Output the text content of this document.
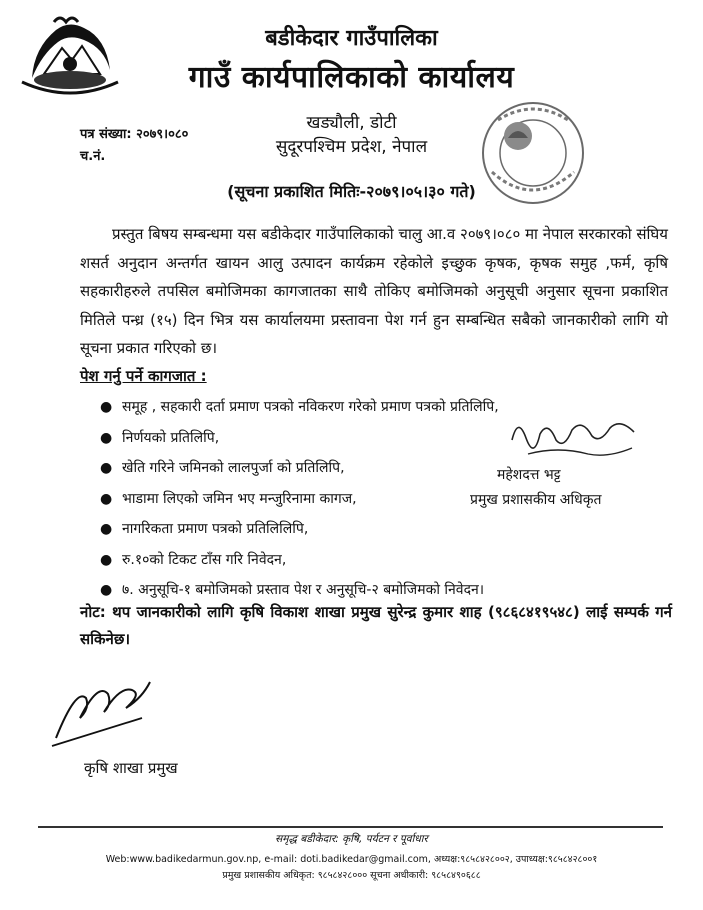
बडीकेदार गाउँपालिका
गाउँ कार्यपालिकाको कार्यालय
खड्यौली, डोटी
सुदूरपश्चिम प्रदेश, नेपाल
पत्र संख्या: २०७९।०८०
च.नं.
(सूचना प्रकाशित मितिः-२०७९।०५।३० गते)

प्रस्तुत बिषय सम्बन्धमा यस बडीकेदार गाउँपालिकाको चालु आ.व २०७९।०८० मा नेपाल सरकारको संघिय शसर्त अनुदान अन्तर्गत खायन आलु उत्पादन कार्यक्रम रहेकोले इच्छुक कृषक, कृषक समुह ,फर्म, कृषि सहकारीहरुले तपसिल बमोजिमका कागजातका साथै तोकिए बमोजिमको अनुसूची अनुसार सूचना प्रकाशित मितिले पन्ध्र (१५) दिन भित्र यस कार्यालयमा प्रस्तावना पेश गर्न हुन सम्बन्धित सबैको जानकारीको लागि यो सूचना प्रकात गरिएको छ।

पेश गर्नु पर्ने कागजात :
● समूह , सहकारी दर्ता प्रमाण पत्रको नविकरण गरेको प्रमाण पत्रको प्रतिलिपि,
● निर्णयको प्रतिलिपि,
● खेति गरिने जमिनको लालपुर्जा को प्रतिलिपि,
● भाडामा लिएको जमिन भए मन्जुरिनामा कागज,
● नागरिकता प्रमाण पत्रको प्रतिलिलिपि,
● रु.१०को टिकट टाँस गरि निवेदन,
● ७. अनुसूचि-१ बमोजिमको प्रस्ताव पेश र अनुसूचि-२ बमोजिमको निवेदन।
महेशदत्त भट्ट
प्रमुख प्रशासकीय अधिकृत

नोट: थप जानकारीको लागि कृषि विकाश शाखा प्रमुख सुरेन्द्र कुमार शाह (९८६८४१९५४८) लाई सम्पर्क गर्न सकिनेछ।

कृषि शाखा प्रमुख
समृद्ध बडीकेदार: कृषि, पर्यटन र पूर्वाधार
Web:www.badikedarmun.gov.np, e-mail: doti.badikedar@gmail.com, अध्यक्ष:९८५८४२८००२, उपाध्यक्ष:९८५८४२८००१
प्रमुख प्रशासकीय अधिकृत: ९८५८४२८००० सूचना अधीकारी: ९८५८४९०६८८
